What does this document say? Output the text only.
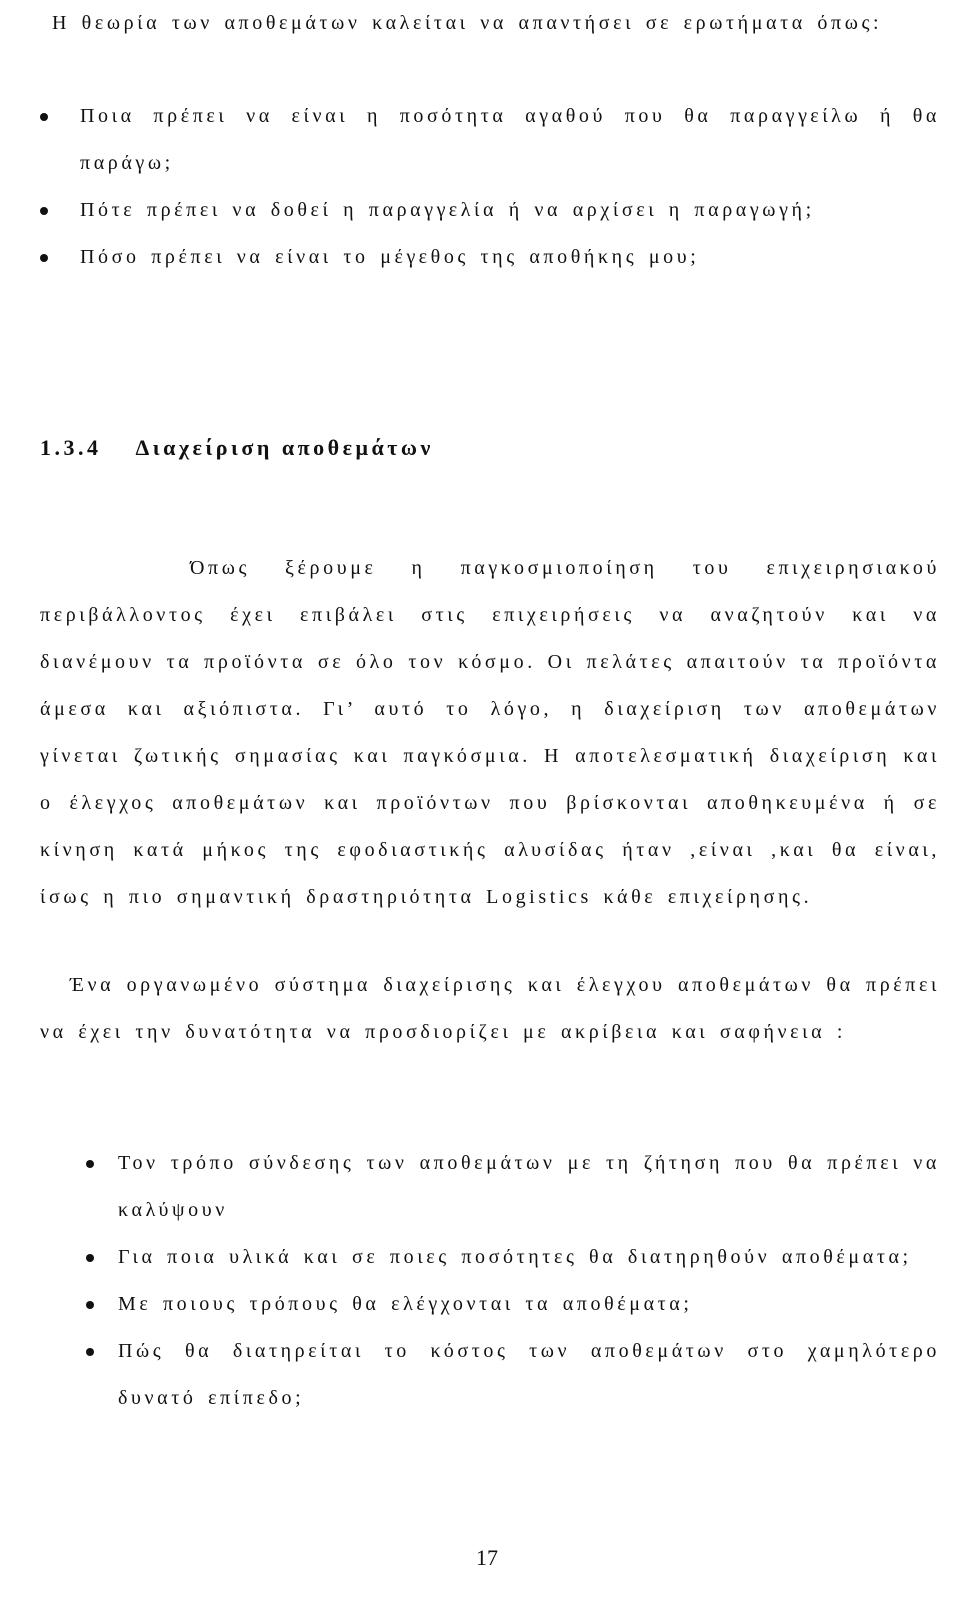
Η θεωρία των αποθεμάτων καλείται να απαντήσει σε ερωτήματα όπως:

Ποια πρέπει να είναι η ποσότητα αγαθού που θα παραγγείλω ή θα παράγω;
Πότε πρέπει να δοθεί η παραγγελία ή να αρχίσει η παραγωγή;
Πόσο πρέπει να είναι το μέγεθος της αποθήκης μου;
1.3.4 Διαχείριση αποθεμάτων

Όπως ξέρουμε η παγκοσμιοποίηση του επιχειρησιακού περιβάλλοντος έχει επιβάλει στις επιχειρήσεις να αναζητούν και να διανέμουν τα προϊόντα σε όλο τον κόσμο. Οι πελάτες απαιτούν τα προϊόντα άμεσα και αξιόπιστα. Γι’ αυτό το λόγο, η διαχείριση των αποθεμάτων γίνεται ζωτικής σημασίας και παγκόσμια. Η αποτελεσματική διαχείριση και ο έλεγχος αποθεμάτων και προϊόντων που βρίσκονται αποθηκευμένα ή σε κίνηση κατά μήκος της εφοδιαστικής αλυσίδας ήταν ,είναι ,και θα είναι, ίσως η πιο σημαντική δραστηριότητα Logistics κάθε επιχείρησης.

Ένα οργανωμένο σύστημα διαχείρισης και έλεγχου αποθεμάτων θα πρέπει να έχει την δυνατότητα να προσδιορίζει με ακρίβεια και σαφήνεια :

Τον τρόπο σύνδεσης των αποθεμάτων με τη ζήτηση που θα πρέπει να καλύψουν
Για ποια υλικά και σε ποιες ποσότητες θα διατηρηθούν αποθέματα;
Με ποιους τρόπους θα ελέγχονται τα αποθέματα;
Πώς θα διατηρείται το κόστος των αποθεμάτων στο χαμηλότερο δυνατό επίπεδο;
17
